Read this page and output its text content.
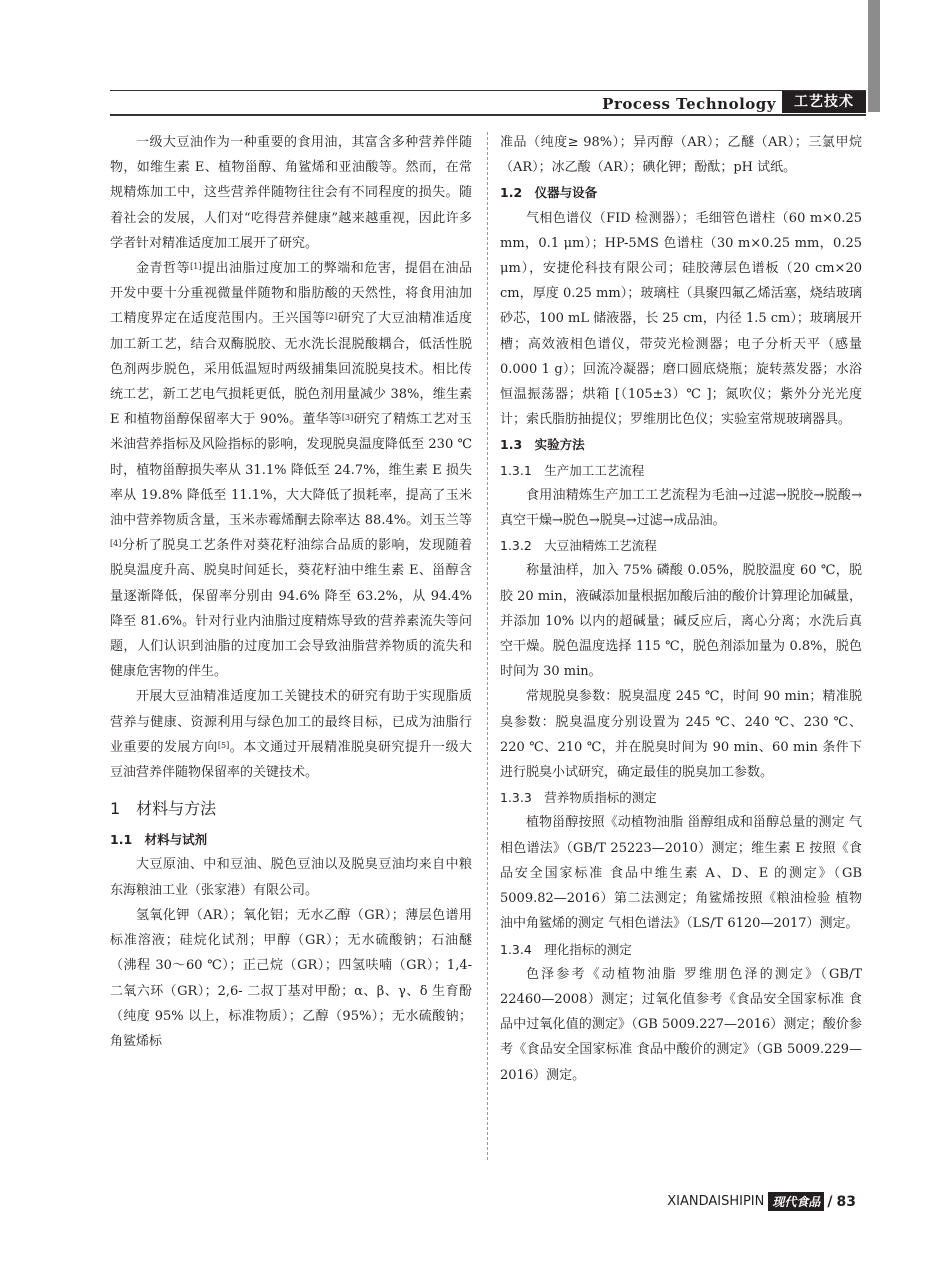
Process Technology	工艺技术

一级大豆油作为一种重要的食用油，其富含多种营养伴随物，如维生素 E、植物甾醇、角鲨烯和亚油酸等。然而，在常规精炼加工中，这些营养伴随物往往会有不同程度的损失。随着社会的发展，人们对“吃得营养健康”越来越重视，因此许多学者针对精准适度加工展开了研究。

金青哲等[1]提出油脂过度加工的弊端和危害，提倡在油品开发中要十分重视微量伴随物和脂肪酸的天然性，将食用油加工精度界定在适度范围内。王兴国等[2]研究了大豆油精准适度加工新工艺，结合双酶脱胶、无水洗长混脱酸耦合，低活性脱色剂两步脱色，采用低温短时两级捕集回流脱臭技术。相比传统工艺，新工艺电气损耗更低，脱色剂用量减少 38%，维生素 E 和植物甾醇保留率大于 90%。董华等[3]研究了精炼工艺对玉米油营养指标及风险指标的影响，发现脱臭温度降低至 230 ℃时，植物甾醇损失率从 31.1% 降低至 24.7%，维生素 E 损失率从 19.8% 降低至 11.1%，大大降低了损耗率，提高了玉米油中营养物质含量，玉米赤霉烯酮去除率达 88.4%。刘玉兰等[4]分析了脱臭工艺条件对葵花籽油综合品质的影响，发现随着脱臭温度升高、脱臭时间延长，葵花籽油中维生素 E、甾醇含量逐渐降低，保留率分别由 94.6% 降至 63.2%，从 94.4% 降至 81.6%。针对行业内油脂过度精炼导致的营养素流失等问题，人们认识到油脂的过度加工会导致油脂营养物质的流失和健康危害物的伴生。

开展大豆油精准适度加工关键技术的研究有助于实现脂质营养与健康、资源利用与绿色加工的最终目标，已成为油脂行业重要的发展方向[5]。本文通过开展精准脱臭研究提升一级大豆油营养伴随物保留率的关键技术。

1　材料与方法
1.1　材料与试剂

大豆原油、中和豆油、脱色豆油以及脱臭豆油均来自中粮东海粮油工业（张家港）有限公司。

氢氧化钾（AR）；氧化铝；无水乙醇（GR）；薄层色谱用标准溶液；硅烷化试剂；甲醇（GR）；无水硫酸钠；石油醚（沸程 30～60 ℃）；正己烷（GR）；四氢呋喃（GR）；1,4- 二氧六环（GR）；2,6- 二叔丁基对甲酚；α、β、γ、δ 生育酚（纯度 95% 以上，标准物质）；乙醇（95%）；无水硫酸钠；角鲨烯标

准品（纯度≥ 98%）；异丙醇（AR）；乙醚（AR）；三氯甲烷（AR）；冰乙酸（AR）；碘化钾；酚酞；pH 试纸。

1.2　仪器与设备

气相色谱仪（FID 检测器）；毛细管色谱柱（60 m×0.25 mm，0.1 μm）；HP-5MS 色谱柱（30 m×0.25 mm，0.25 μm），安捷伦科技有限公司；硅胶薄层色谱板（20 cm×20 cm，厚度 0.25 mm）；玻璃柱（具聚四氟乙烯活塞，烧结玻璃砂芯，100 mL 储液器，长 25 cm，内径 1.5 cm）；玻璃展开槽；高效液相色谱仪，带荧光检测器；电子分析天平（感量 0.000 1 g）；回流冷凝器；磨口圆底烧瓶；旋转蒸发器；水浴恒温振荡器；烘箱 [（105±3）℃ ]；氮吹仪；紫外分光光度计；索氏脂肪抽提仪；罗维朋比色仪；实验室常规玻璃器具。

1.3　实验方法
1.3.1　生产加工工艺流程

食用油精炼生产加工工艺流程为毛油→过滤→脱胶→脱酸→真空干燥→脱色→脱臭→过滤→成品油。

1.3.2　大豆油精炼工艺流程

称量油样，加入 75% 磷酸 0.05%，脱胶温度 60 ℃，脱胶 20 min，液碱添加量根据加酸后油的酸价计算理论加碱量，并添加 10% 以内的超碱量；碱反应后，离心分离；水洗后真空干燥。脱色温度选择 115 ℃，脱色剂添加量为 0.8%，脱色时间为 30 min。

常规脱臭参数：脱臭温度 245 ℃，时间 90 min；精准脱臭参数：脱臭温度分别设置为 245 ℃、240 ℃、230 ℃、220 ℃、210 ℃，并在脱臭时间为 90 min、60 min 条件下进行脱臭小试研究，确定最佳的脱臭加工参数。

1.3.3　营养物质指标的测定

植物甾醇按照《动植物油脂 甾醇组成和甾醇总量的测定 气相色谱法》（GB/T 25223—2010）测定；维生素 E 按照《食品安全国家标准 食品中维生素 A、D、E 的测定》（GB 5009.82—2016）第二法测定；角鲨烯按照《粮油检验 植物油中角鲨烯的测定 气相色谱法》（LS/T 6120—2017）测定。

1.3.4　理化指标的测定

色泽参考《动植物油脂 罗维朋色泽的测定》（GB/T 22460—2008）测定；过氧化值参考《食品安全国家标准 食品中过氧化值的测定》（GB 5009.227—2016）测定；酸价参考《食品安全国家标准 食品中酸价的测定》（GB 5009.229—2016）测定。

XIANDAISHIPIN 现代食品 / 83
